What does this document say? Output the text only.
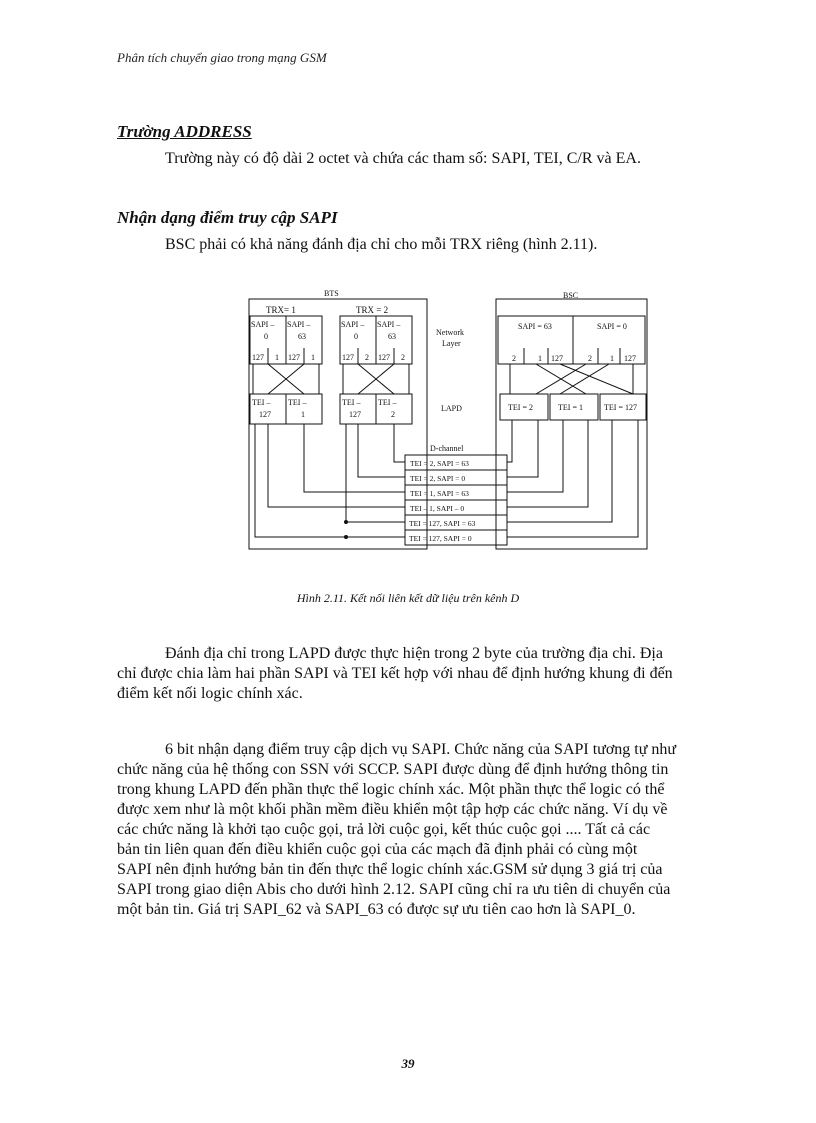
Phân tích chuyển giao trong mạng GSM
Trường ADDRESS
Trường này có độ dài 2 octet và chứa các tham số: SAPI, TEI, C/R và EA.
Nhận dạng điểm truy cập SAPI
BSC phải có khả năng đánh địa chỉ cho mỗi TRX riêng (hình 2.11).
BTS	BSC
TRX= 1	TRX = 2
SAPI –
0
SAPI –
63
127 1 127 1
SAPI –
0
SAPI –
63
127 2 127 2
Network
Layer
LAPD
D-channel
SAPI = 63	SAPI = 0
2	1 127	2 1 127
TEI –
127
TEI –
1
TEI –
127
TEI –
2
TEI = 2	TEI = 1	TEI = 127
TEI = 2, SAPI = 63
TEI = 2, SAPI = 0
TEI = 1, SAPI = 63
TEI – 1, SAPI – 0
TEI = 127, SAPI = 63
TEI = 127, SAPI = 0
Hình 2.11. Kết nối liên kết dữ liệu trên kênh D

Đánh địa chỉ trong LAPD được thực hiện trong 2 byte của trường địa chỉ. Địa
chỉ được chia làm hai phần SAPI và TEI kết hợp với nhau để định hướng khung đi đến
điểm kết nối logic chính xác.

6 bit nhận dạng điểm truy cập dịch vụ SAPI. Chức năng của SAPI tương tự như
chức năng của hệ thống con SSN với SCCP. SAPI được dùng để định hướng thông tin
trong khung LAPD đến phần thực thể logic chính xác. Một phần thực thể logic có thể
được xem như là một khối phần mềm điều khiển một tập hợp các chức năng. Ví dụ về
các chức năng là khởi tạo cuộc gọi, trả lời cuộc gọi, kết thúc cuộc gọi .... Tất cả các
bản tin liên quan đến điều khiển cuộc gọi của các mạch đã định phải có cùng một
SAPI nên định hướng bản tin đến thực thể logic chính xác.GSM sử dụng 3 giá trị của
SAPI trong giao diện Abis cho dưới hình 2.12. SAPI cũng chỉ ra ưu tiên di chuyển của
một bản tin. Giá trị SAPI_62 và SAPI_63 có được sự ưu tiên cao hơn là SAPI_0.

39
